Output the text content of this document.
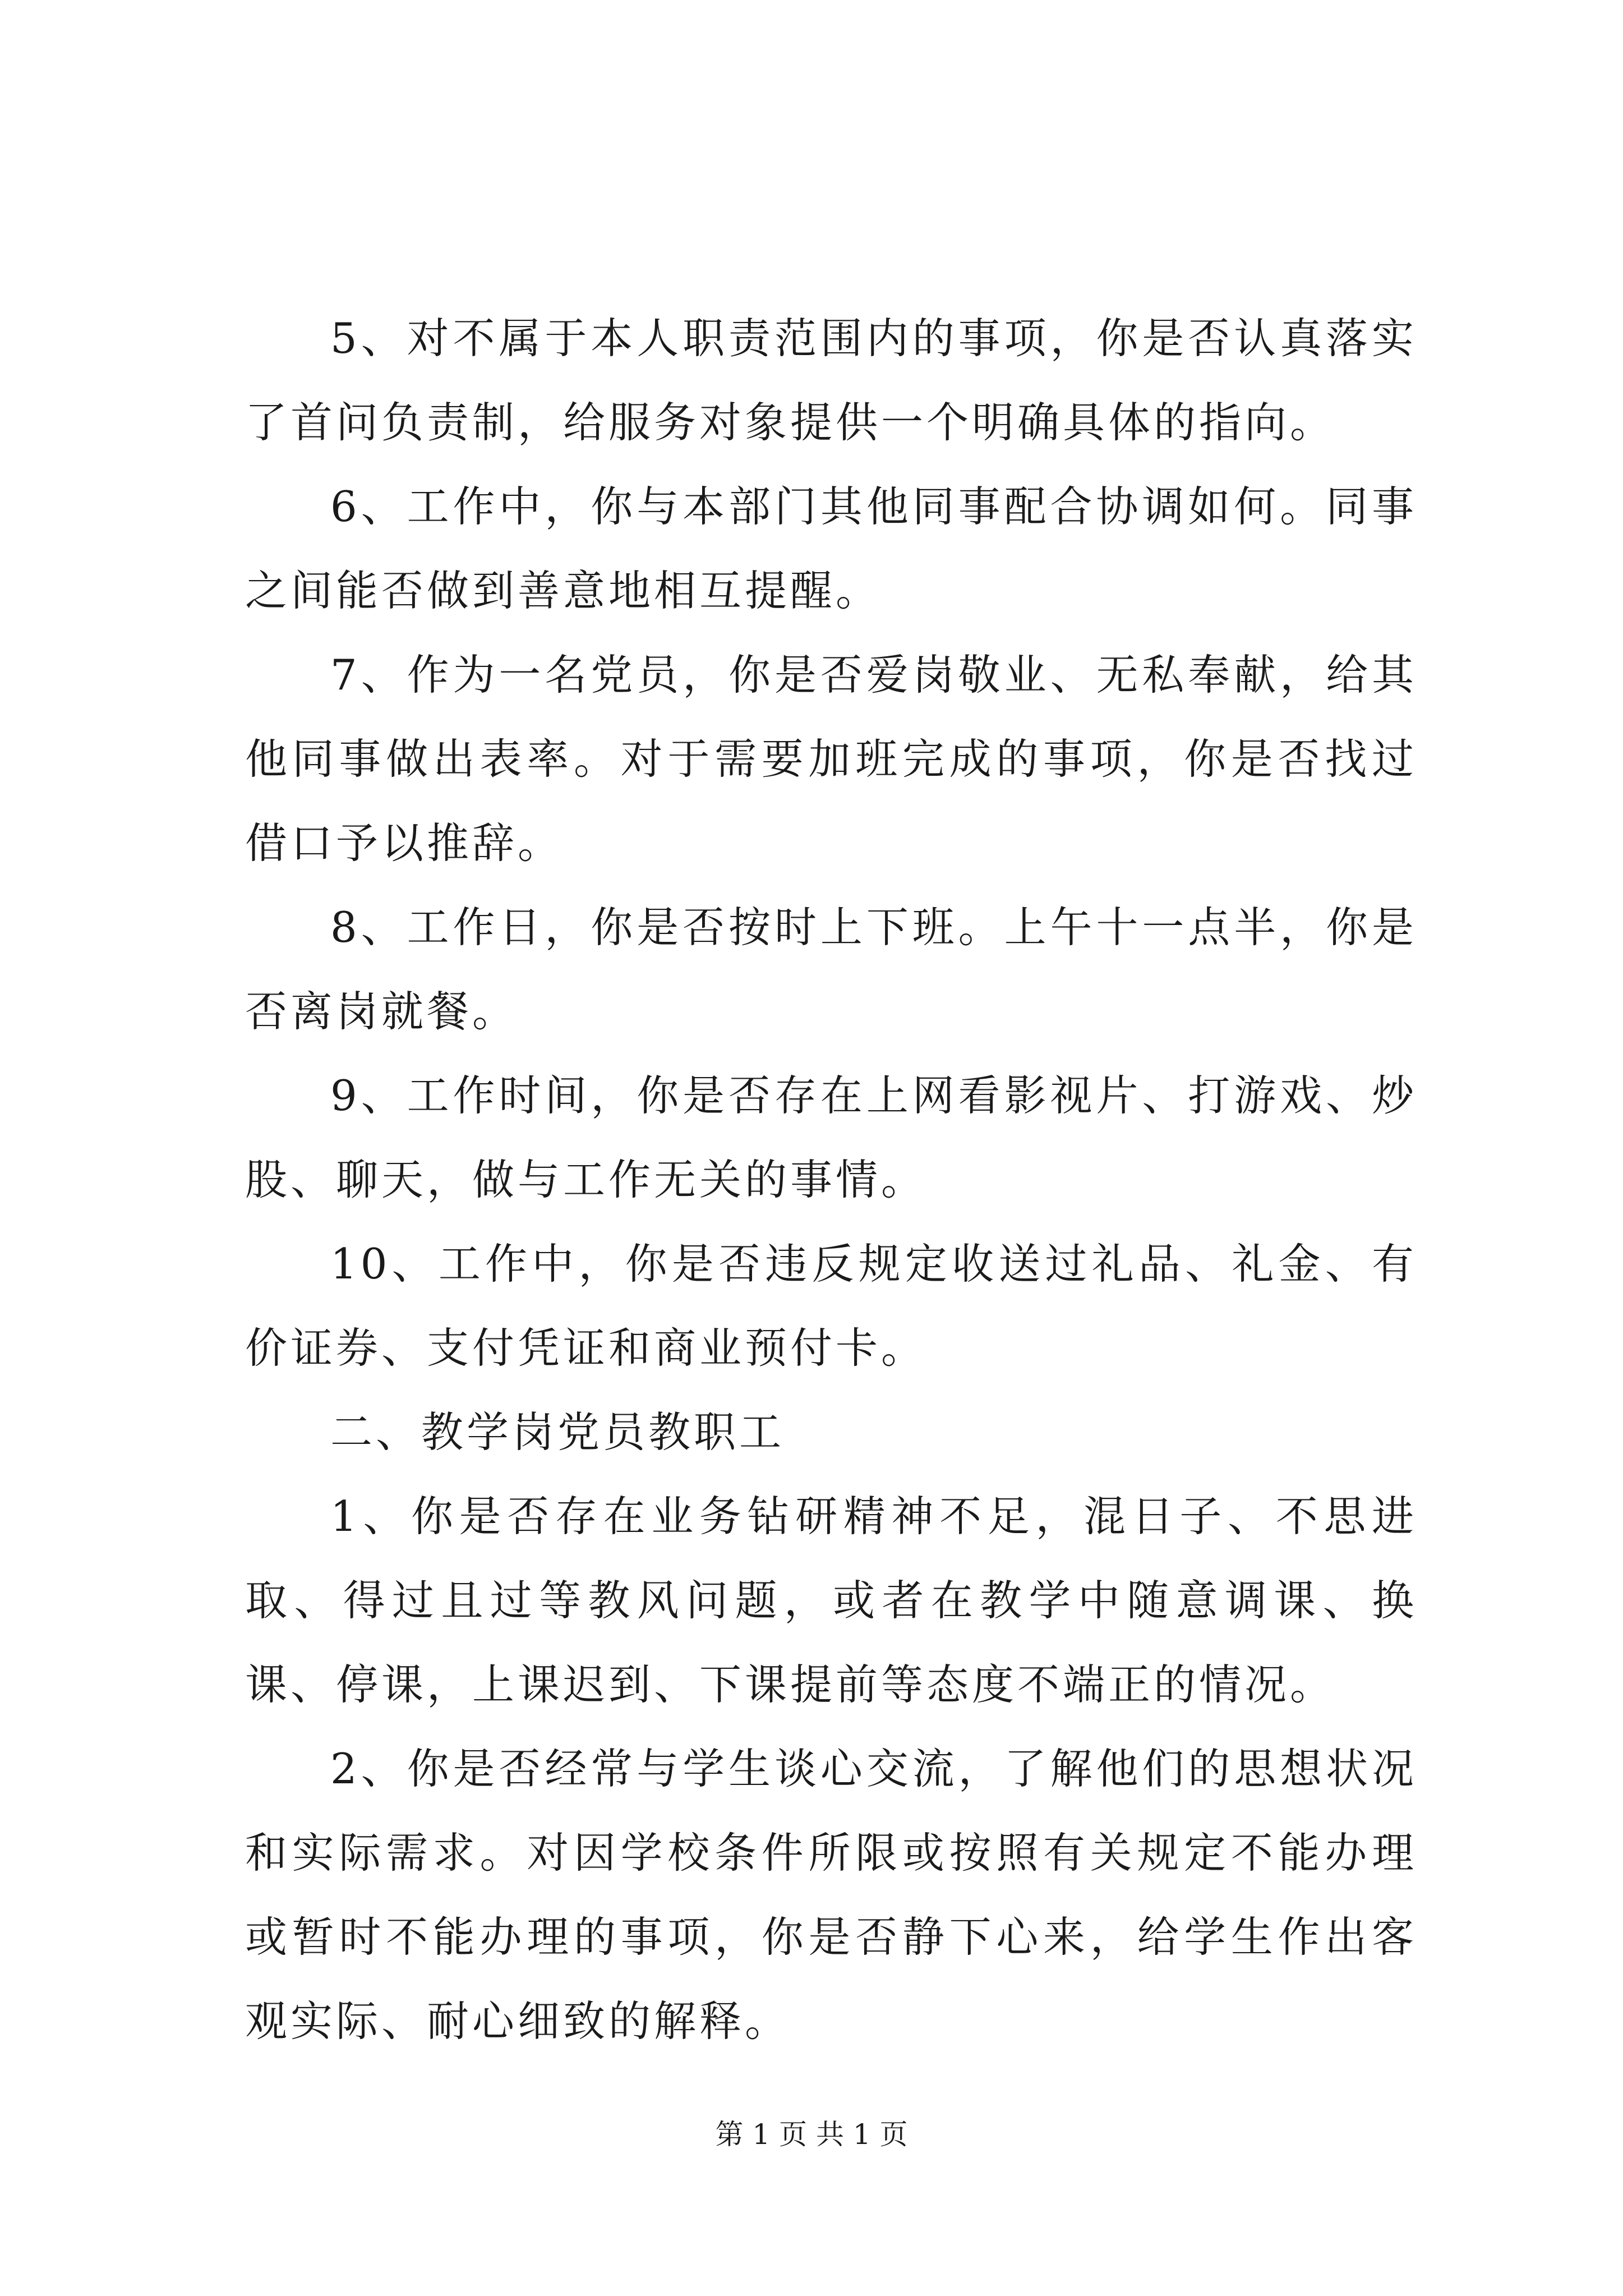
5、对不属于本人职责范围内的事项，你是否认真落实了首问负责制，给服务对象提供一个明确具体的指向。

6、工作中，你与本部门其他同事配合协调如何。同事之间能否做到善意地相互提醒。

7、作为一名党员，你是否爱岗敬业、无私奉献，给其他同事做出表率。对于需要加班完成的事项，你是否找过借口予以推辞。

8、工作日，你是否按时上下班。上午十一点半，你是否离岗就餐。

9、工作时间，你是否存在上网看影视片、打游戏、炒股、聊天，做与工作无关的事情。

10、工作中，你是否违反规定收送过礼品、礼金、有价证券、支付凭证和商业预付卡。

二、教学岗党员教职工

1、你是否存在业务钻研精神不足，混日子、不思进取、得过且过等教风问题，或者在教学中随意调课、换课、停课，上课迟到、下课提前等态度不端正的情况。

2、你是否经常与学生谈心交流，了解他们的思想状况和实际需求。对因学校条件所限或按照有关规定不能办理或暂时不能办理的事项，你是否静下心来，给学生作出客观实际、耐心细致的解释。

第 1 页 共 1 页
